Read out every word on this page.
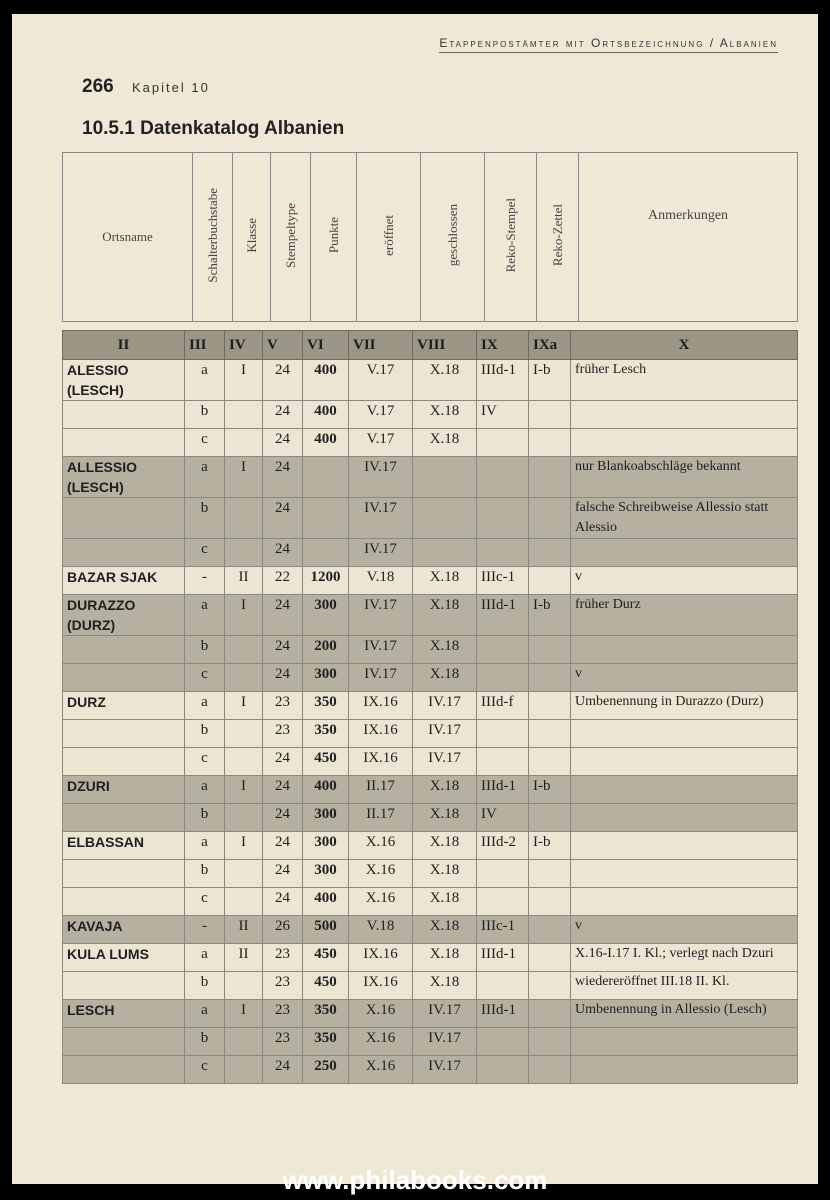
Etappenpostämter mit Ortsbezeichnung / Albanien
266 Kapitel 10
10.5.1 Datenkatalog Albanien
Ortsname	Schalterbuchstabe	Klasse	Stempeltype	Punkte	eröffnet	geschlossen	Reko-Stempel	Reko-Zettel	Anmerkungen
II	III	IV	V	VI	VII	VIII	IX	IXa	X
ALESSIO (LESCH)	a	I	24	400	V.17	X.18	IIId-1	I-b	früher Lesch
	b		24	400	V.17	X.18	IV		
	c		24	400	V.17	X.18			
ALLESSIO (LESCH)	a	I	24		IV.17				nur Blankoabschläge bekannt
	b		24		IV.17				falsche Schreibweise Allessio statt Alessio
	c		24		IV.17				
BAZAR SJAK	-	II	22	1200	V.18	X.18	IIIc-1		v
DURAZZO (DURZ)	a	I	24	300	IV.17	X.18	IIId-1	I-b	früher Durz
	b		24	200	IV.17	X.18			
	c		24	300	IV.17	X.18			v
DURZ	a	I	23	350	IX.16	IV.17	IIId-f		Umbenennung in Durazzo (Durz)
	b		23	350	IX.16	IV.17			
	c		24	450	IX.16	IV.17			
DZURI	a	I	24	400	II.17	X.18	IIId-1	I-b	
	b		24	300	II.17	X.18	IV		
ELBASSAN	a	I	24	300	X.16	X.18	IIId-2	I-b	
	b		24	300	X.16	X.18			
	c		24	400	X.16	X.18			
KAVAJA	-	II	26	500	V.18	X.18	IIIc-1		v
KULA LUMS	a	II	23	450	IX.16	X.18	IIId-1		X.16-I.17 I. Kl.; verlegt nach Dzuri
	b		23	450	IX.16	X.18			wiedereröffnet III.18 II. Kl.
LESCH	a	I	23	350	X.16	IV.17	IIId-1		Umbenennung in Allessio (Lesch)
	b		23	350	X.16	IV.17			
	c		24	250	X.16	IV.17			
www.philabooks.com
